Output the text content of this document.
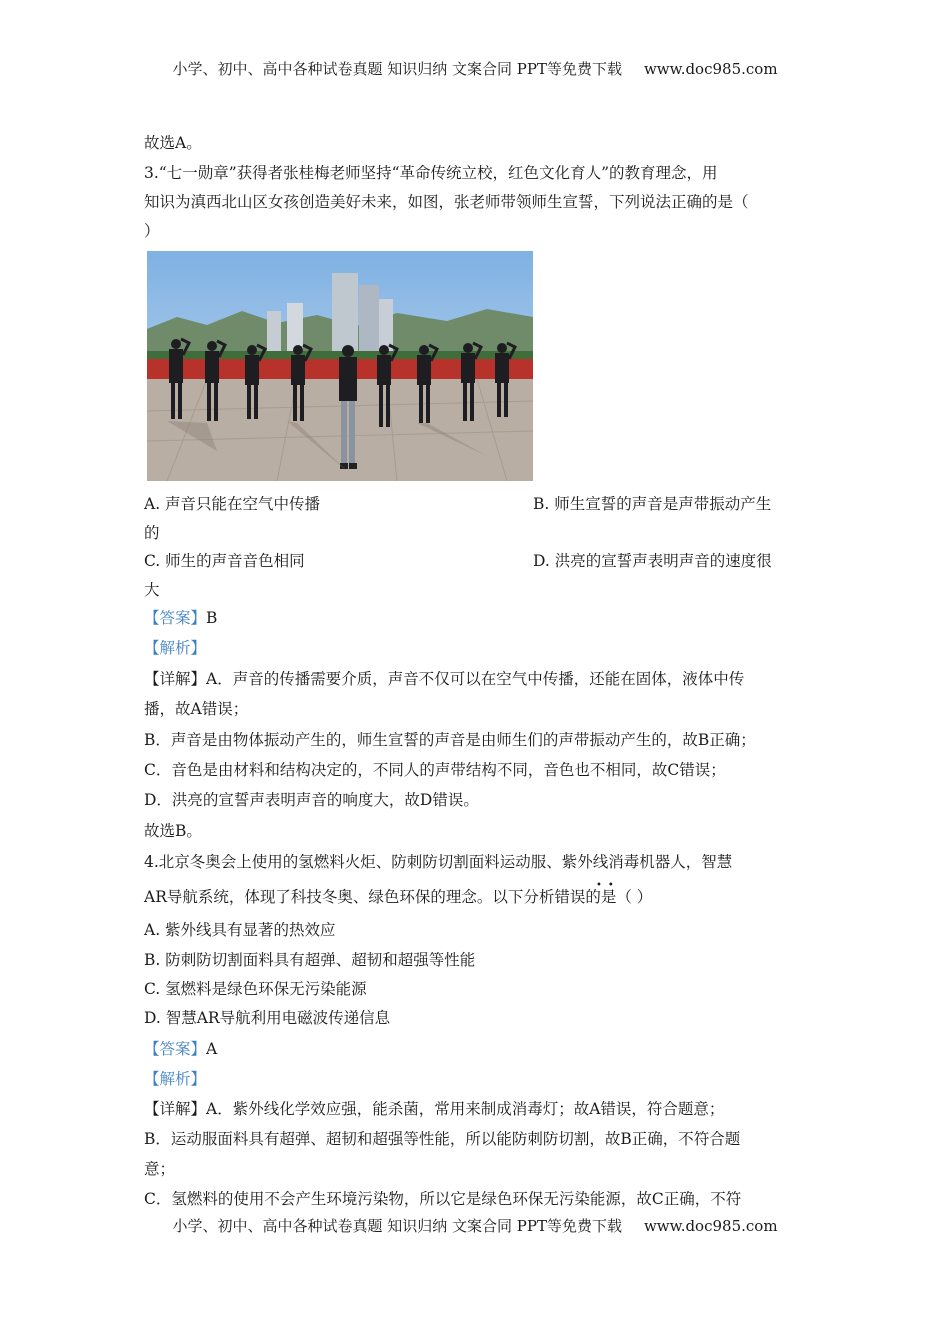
小学、初中、高中各种试卷真题 知识归纳 文案合同 PPT等免费下载 www.doc985.com
故选A。
3.“七一勋章”获得者张桂梅老师坚持“革命传统立校，红色文化育人”的教育理念，用
知识为滇西北山区女孩创造美好未来，如图，张老师带领师生宣誓，下列说法正确的是（
）
A. 声音只能在空气中传播	B. 师生宣誓的声音是声带振动产生
的
C. 师生的声音音色相同	D. 洪亮的宣誓声表明声音的速度很
大
【答案】B
【解析】
【详解】A．声音的传播需要介质，声音不仅可以在空气中传播，还能在固体，液体中传
播，故A错误；
B．声音是由物体振动产生的，师生宣誓的声音是由师生们的声带振动产生的，故B正确；
C．音色是由材料和结构决定的，不同人的声带结构不同，音色也不相同，故C错误；
D．洪亮的宣誓声表明声音的响度大，故D错误。
故选B。
4.北京冬奥会上使用的氢燃料火炬、防刺防切割面料运动服、紫外线消毒机器人，智慧
••
AR导航系统，体现了科技冬奥、绿色环保的理念。以下分析错误的是（ ）
A. 紫外线具有显著的热效应
B. 防刺防切割面料具有超弹、超韧和超强等性能
C. 氢燃料是绿色环保无污染能源
D. 智慧AR导航利用电磁波传递信息
【答案】A
【解析】
【详解】A．紫外线化学效应强，能杀菌，常用来制成消毒灯；故A错误，符合题意；
B．运动服面料具有超弹、超韧和超强等性能，所以能防刺防切割，故B正确，不符合题
意；
C．氢燃料的使用不会产生环境污染物，所以它是绿色环保无污染能源，故C正确，不符
小学、初中、高中各种试卷真题 知识归纳 文案合同 PPT等免费下载 www.doc985.com
